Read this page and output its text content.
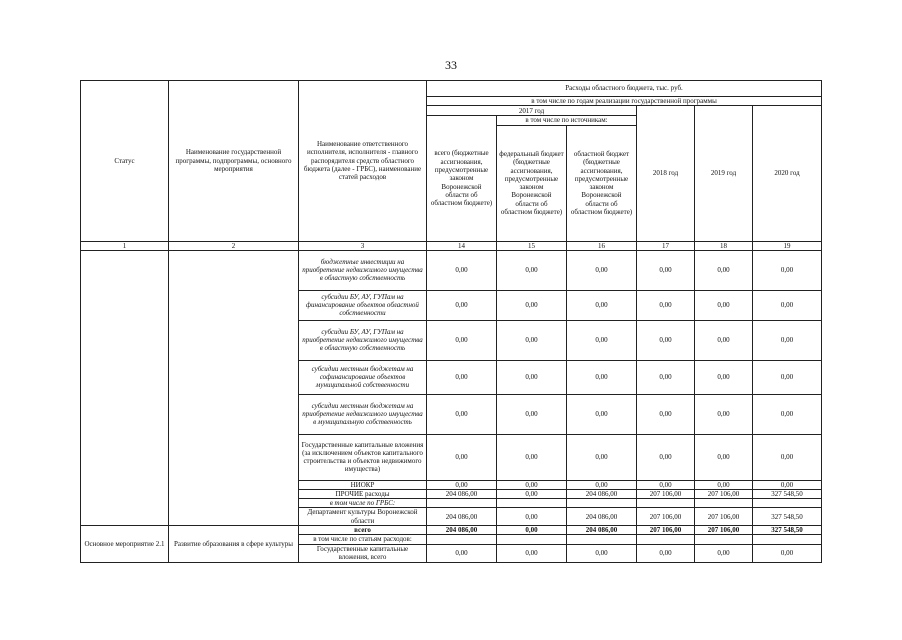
33
Статус	Наименование государственной программы, подпрограммы, основного мероприятия	Наименование ответственного исполнителя, исполнителя - главного распорядителя средств областного бюджета (далее - ГРБС), наименование статей расходов	Расходы областного бюджета, тыс. руб.					
			в том числе по годам реализации государственной программы					
			2017 год			2018 год	2019 год	2020 год
			всего (бюджетные ассигнования, предусмотренные законом Воронежской области об областном бюджете)	в том числе по источникам:				
				федеральный бюджет (бюджетные ассигнования, предусмотренные законом Воронежской области об областном бюджете)	областной бюджет (бюджетные ассигнования, предусмотренные законом Воронежской области об областном бюджете)			
1	2	3	14	15	16	17	18	19
		бюджетные инвестиции на приобретение недвижимого имущества в областную собственность	0,00	0,00	0,00	0,00	0,00	0,00
		субсидии БУ, АУ, ГУПам на финансирование объектов областной собственности	0,00	0,00	0,00	0,00	0,00	0,00
		субсидии БУ, АУ, ГУПам на приобретение недвижимого имущества в областную собственность	0,00	0,00	0,00	0,00	0,00	0,00
		субсидии местным бюджетам на софинансирование объектов муниципальной собственности	0,00	0,00	0,00	0,00	0,00	0,00
		субсидии местным бюджетам на приобретение недвижимого имущества в муниципальную собственность	0,00	0,00	0,00	0,00	0,00	0,00
		Государственные капитальные вложения (за исключением объектов капитального строительства и объектов недвижимого имущества)	0,00	0,00	0,00	0,00	0,00	0,00
		НИОКР	0,00	0,00	0,00	0,00	0,00	0,00
		ПРОЧИЕ расходы	204 086,00	0,00	204 086,00	207 106,00	207 106,00	327 548,50
		в том числе по ГРБС:						
		Департамент культуры Воронежской области	204 086,00	0,00	204 086,00	207 106,00	207 106,00	327 548,50
Основное мероприятие 2.1	Развитие образования в сфере культуры	всего	204 086,00	0,00	204 086,00	207 106,00	207 106,00	327 548,50
		в том числе по статьям расходов:						
		Государственные капитальные вложения, всего	0,00	0,00	0,00	0,00	0,00	0,00
